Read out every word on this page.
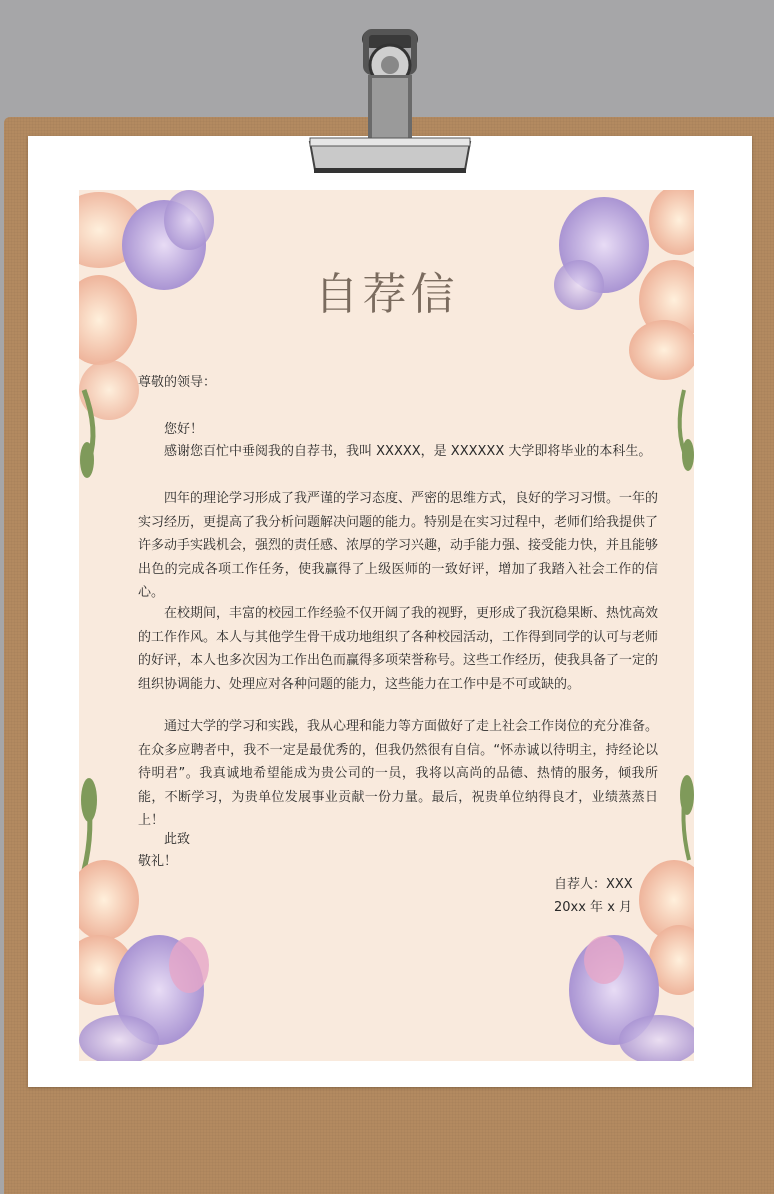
自荐信
尊敬的领导：
您好！
感谢您百忙中垂阅我的自荐书，我叫 XXXXX，是 XXXXXX 大学即将毕业的本科生。
四年的理论学习形成了我严谨的学习态度、严密的思维方式，良好的学习习惯。一年的实习经历，更提高了我分析问题解决问题的能力。特别是在实习过程中，老师们给我提供了许多动手实践机会，强烈的责任感、浓厚的学习兴趣，动手能力强、接受能力快，并且能够出色的完成各项工作任务，使我赢得了上级医师的一致好评，增加了我踏入社会工作的信心。
在校期间，丰富的校园工作经验不仅开阔了我的视野，更形成了我沉稳果断、热忱高效的工作作风。本人与其他学生骨干成功地组织了各种校园活动，工作得到同学的认可与老师的好评，本人也多次因为工作出色而赢得多项荣誉称号。这些工作经历，使我具备了一定的组织协调能力、处理应对各种问题的能力，这些能力在工作中是不可或缺的。
通过大学的学习和实践，我从心理和能力等方面做好了走上社会工作岗位的充分准备。在众多应聘者中，我不一定是最优秀的，但我仍然很有自信。“怀赤诚以待明主，持经论以待明君”。我真诚地希望能成为贵公司的一员，我将以高尚的品德、热情的服务，倾我所能，不断学习，为贵单位发展事业贡献一份力量。最后，祝贵单位纳得良才，业绩蒸蒸日上！
此致
敬礼！
自荐人：XXX
20xx 年 x 月
